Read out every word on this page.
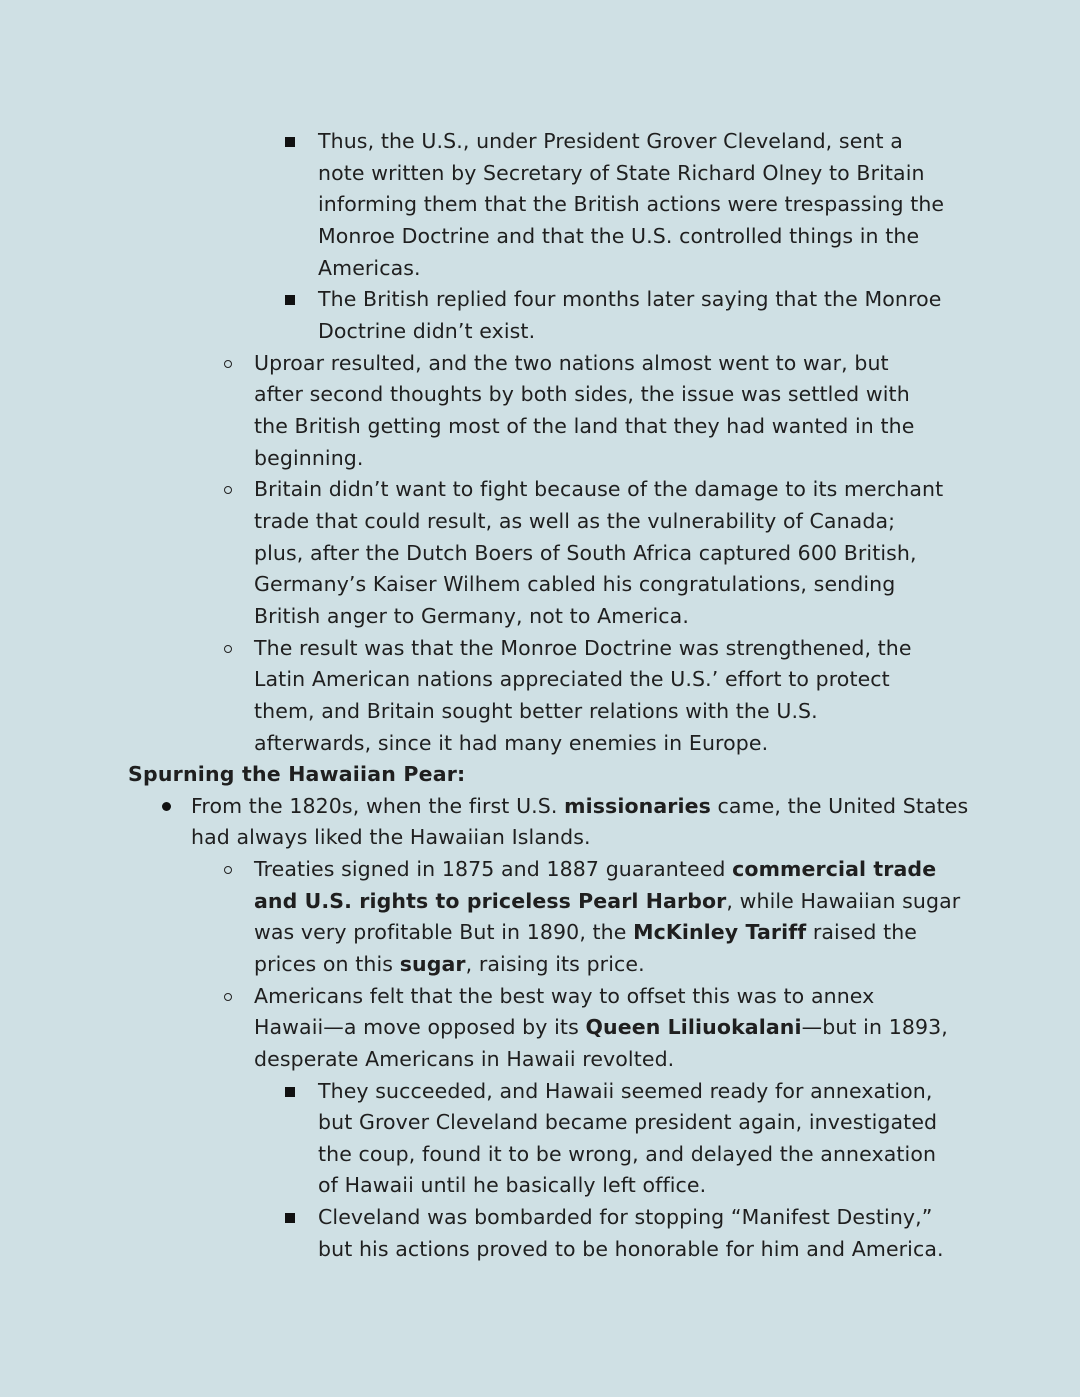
Thus, the U.S., under President Grover Cleveland, sent a
note written by Secretary of State Richard Olney to Britain
informing them that the British actions were trespassing the
Monroe Doctrine and that the U.S. controlled things in the
Americas.
The British replied four months later saying that the Monroe
Doctrine didn’t exist.
Uproar resulted, and the two nations almost went to war, but
after second thoughts by both sides, the issue was settled with
the British getting most of the land that they had wanted in the
beginning.
Britain didn’t want to fight because of the damage to its merchant
trade that could result, as well as the vulnerability of Canada;
plus, after the Dutch Boers of South Africa captured 600 British,
Germany’s Kaiser Wilhem cabled his congratulations, sending
British anger to Germany, not to America.
The result was that the Monroe Doctrine was strengthened, the
Latin American nations appreciated the U.S.’ effort to protect
them, and Britain sought better relations with the U.S.
afterwards, since it had many enemies in Europe.
Spurning the Hawaiian Pear:
From the 1820s, when the first U.S. missionaries came, the United States
had always liked the Hawaiian Islands.
Treaties signed in 1875 and 1887 guaranteed commercial trade
and U.S. rights to priceless Pearl Harbor, while Hawaiian sugar
was very profitable But in 1890, the McKinley Tariff raised the
prices on this sugar, raising its price.
Americans felt that the best way to offset this was to annex
Hawaii—a move opposed by its Queen Liliuokalani—but in 1893,
desperate Americans in Hawaii revolted.
They succeeded, and Hawaii seemed ready for annexation,
but Grover Cleveland became president again, investigated
the coup, found it to be wrong, and delayed the annexation
of Hawaii until he basically left office.
Cleveland was bombarded for stopping “Manifest Destiny,”
but his actions proved to be honorable for him and America.
